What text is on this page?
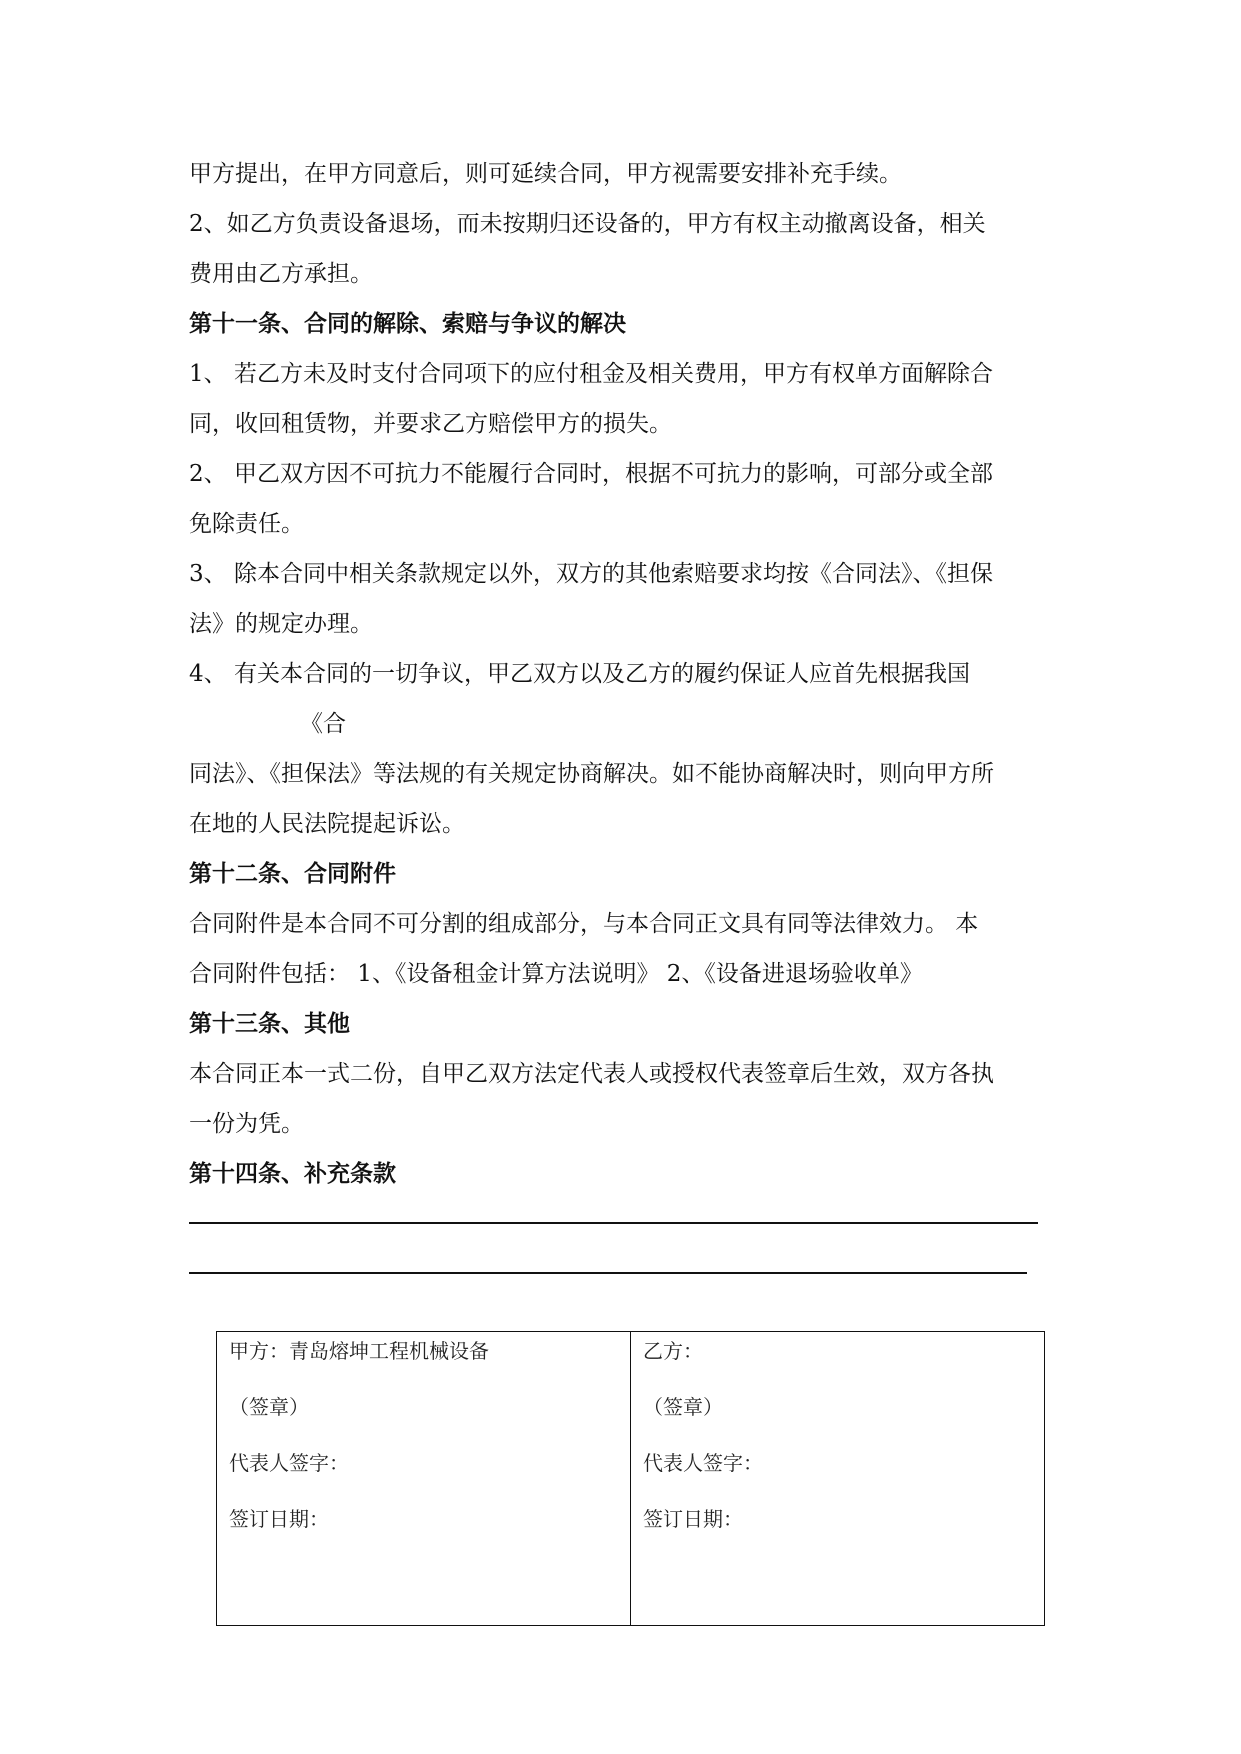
甲方提出，在甲方同意后，则可延续合同，甲方视需要安排补充手续。
2、如乙方负责设备退场，而未按期归还设备的，甲方有权主动撤离设备，相关
费用由乙方承担。
第十一条、合同的解除、索赔与争议的解决
1、 若乙方未及时支付合同项下的应付租金及相关费用，甲方有权单方面解除合
同，收回租赁物，并要求乙方赔偿甲方的损失。
2、 甲乙双方因不可抗力不能履行合同时，根据不可抗力的影响，可部分或全部
免除责任。
3、 除本合同中相关条款规定以外，双方的其他索赔要求均按《合同法》、《担保
法》的规定办理。
4、 有关本合同的一切争议，甲乙双方以及乙方的履约保证人应首先根据我国
《合
同法》、《担保法》等法规的有关规定协商解决。如不能协商解决时，则向甲方所
在地的人民法院提起诉讼。
第十二条、合同附件
合同附件是本合同不可分割的组成部分，与本合同正文具有同等法律效力。 本
合同附件包括： 1、《设备租金计算方法说明》 2、《设备进退场验收单》
第十三条、其他
本合同正本一式二份，自甲乙双方法定代表人或授权代表签章后生效，双方各执
一份为凭。
第十四条、补充条款
甲方：青岛熔坤工程机械设备
（签章）
代表人签字：
签订日期：
乙方：
（签章）
代表人签字：
签订日期：
